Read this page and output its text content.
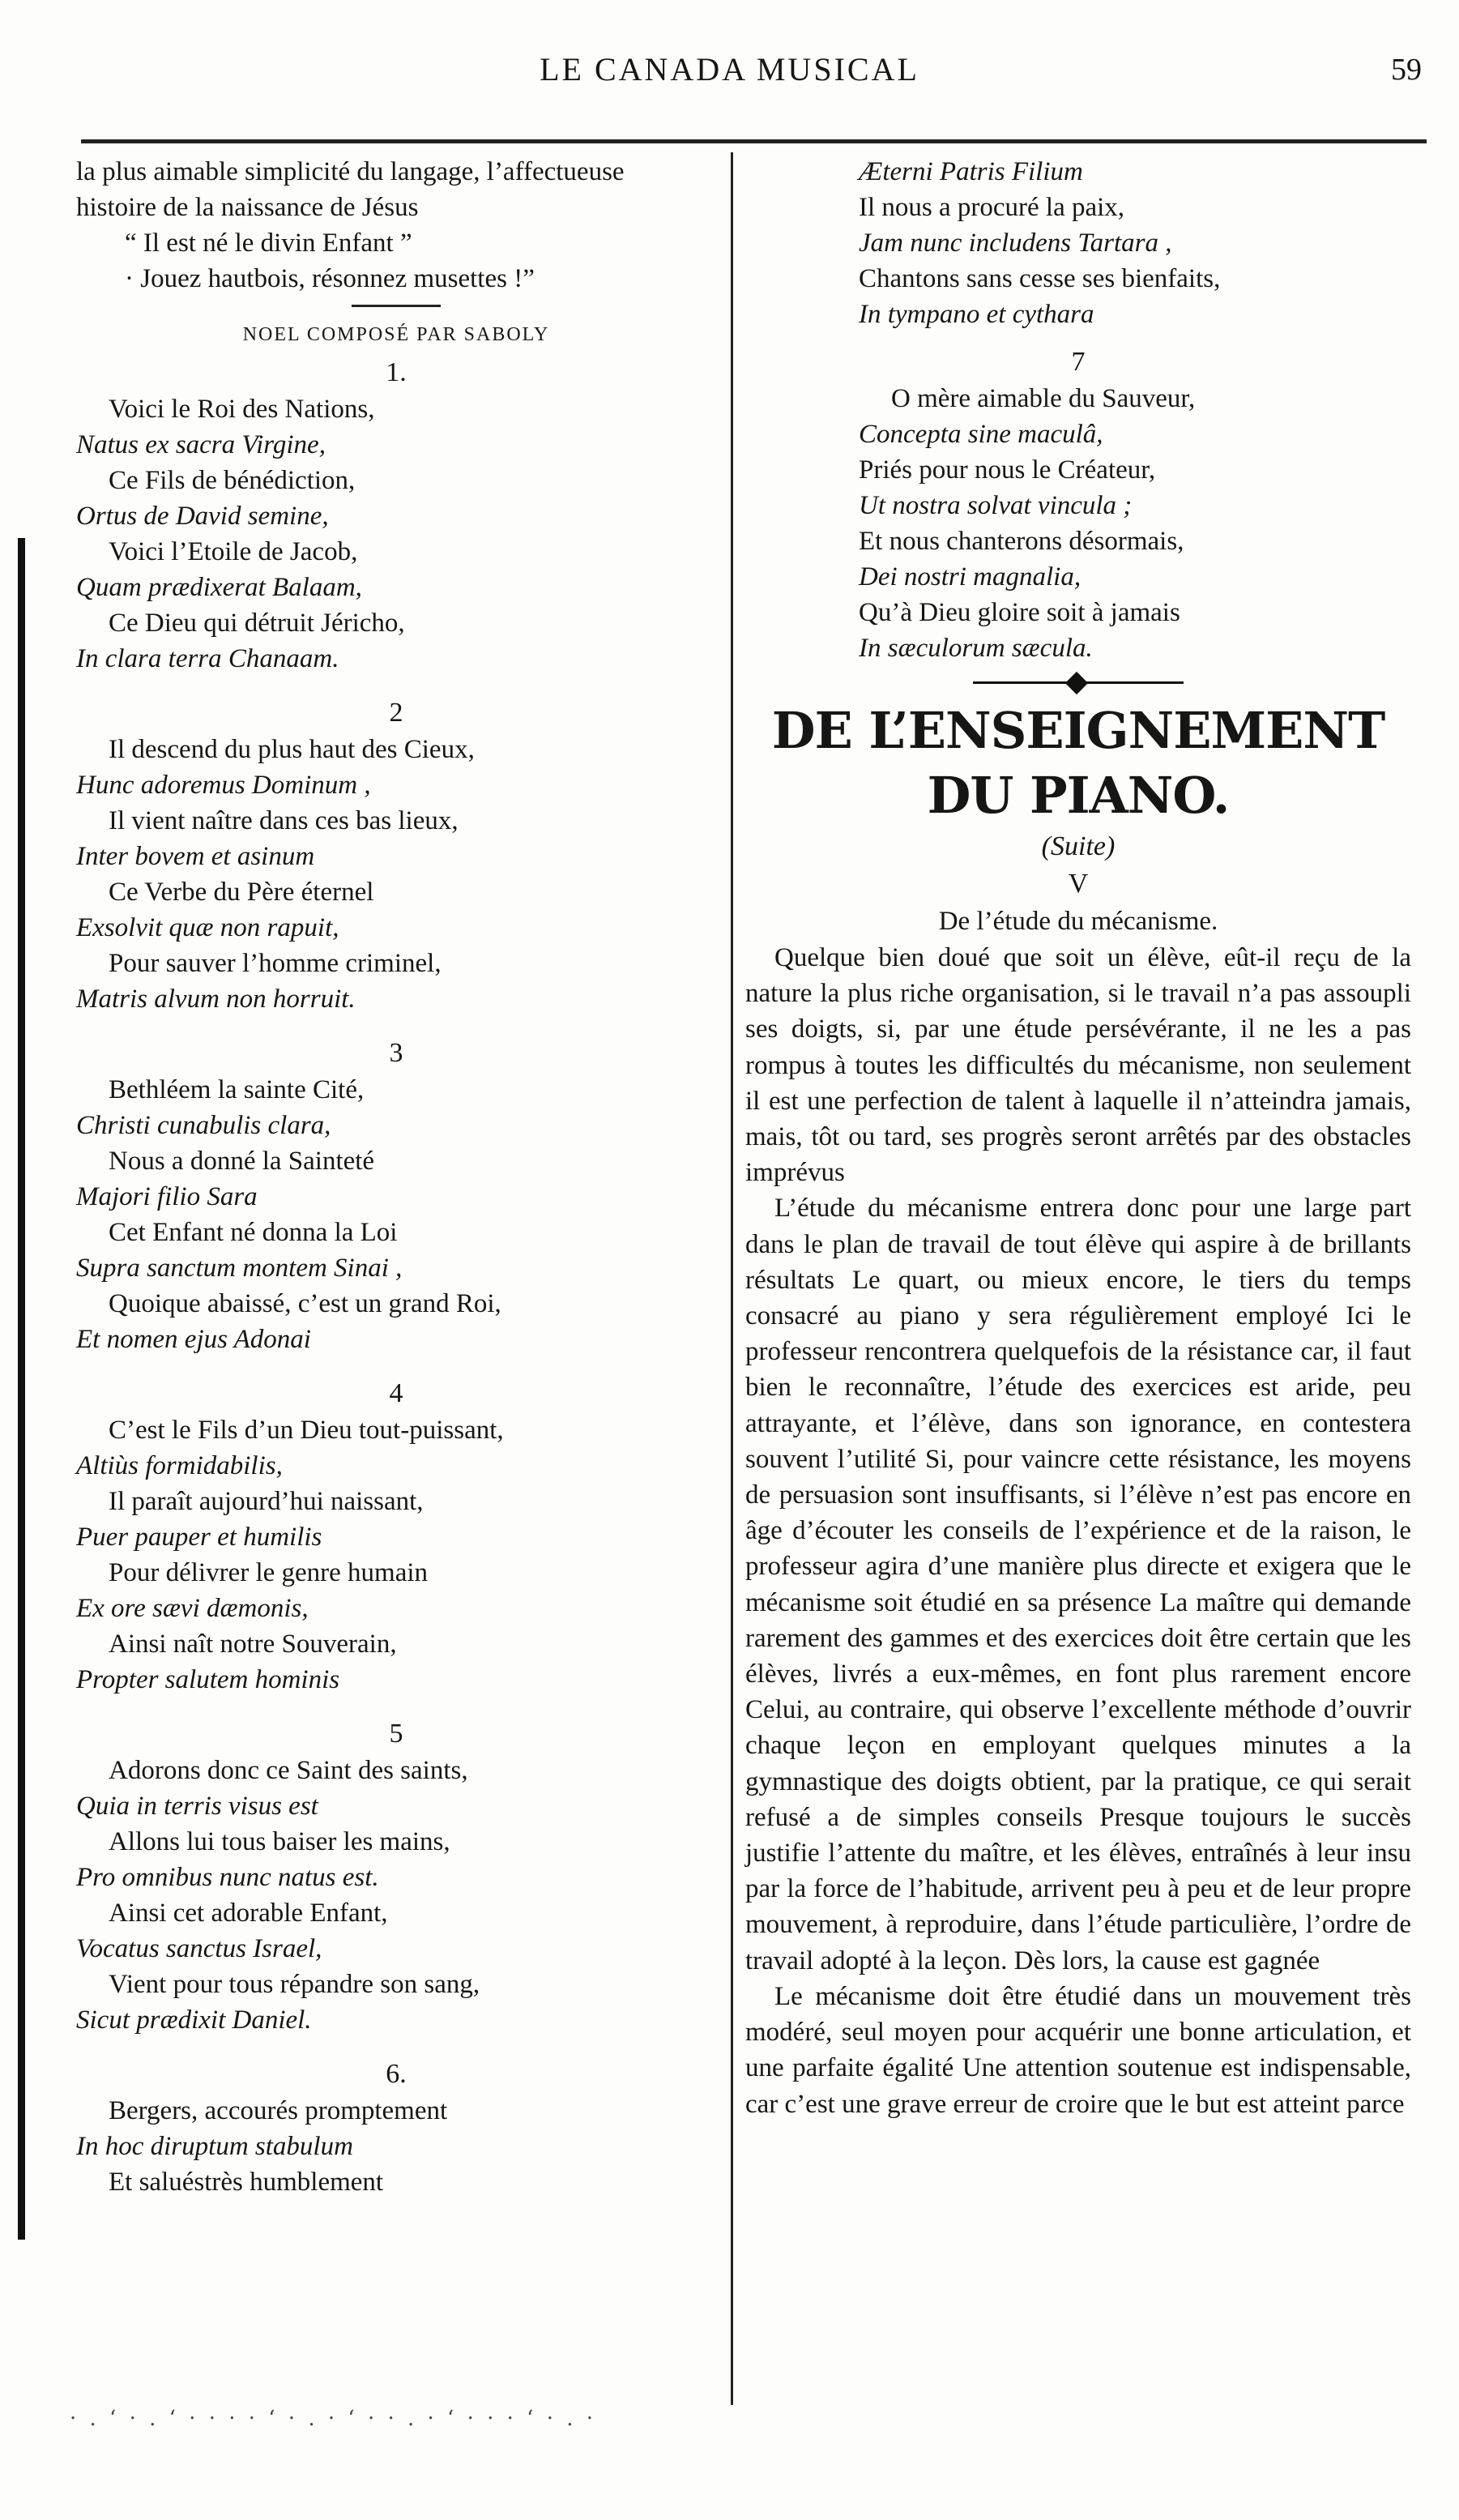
LE CANADA MUSICAL	59
la plus aimable simplicité du langage, l’affectueuse
histoire de la naissance de Jésus
“ Il est né le divin Enfant ”
· Jouez hautbois, résonnez musettes !”
NOEL COMPOSÉ PAR SABOLY
1.
Voici le Roi des Nations,
Natus ex sacra Virgine,
Ce Fils de bénédiction,
Ortus de David semine,
Voici l’Etoile de Jacob,
Quam prædixerat Balaam,
Ce Dieu qui détruit Jéricho,
In clara terra Chanaam.
2
Il descend du plus haut des Cieux,
Hunc adoremus Dominum ,
Il vient naître dans ces bas lieux,
Inter bovem et asinum
Ce Verbe du Père éternel
Exsolvit quæ non rapuit,
Pour sauver l’homme criminel,
Matris alvum non horruit.
3
Bethléem la sainte Cité,
Christi cunabulis clara,
Nous a donné la Sainteté
Majori filio Sara
Cet Enfant né donna la Loi
Supra sanctum montem Sinai ,
Quoique abaissé, c’est un grand Roi,
Et nomen ejus Adonai
4
C’est le Fils d’un Dieu tout-puissant,
Altiùs formidabilis,
Il paraît aujourd’hui naissant,
Puer pauper et humilis
Pour délivrer le genre humain
Ex ore sævi dæmonis,
Ainsi naît notre Souverain,
Propter salutem hominis
5
Adorons donc ce Saint des saints,
Quia in terris visus est
Allons lui tous baiser les mains,
Pro omnibus nunc natus est.
Ainsi cet adorable Enfant,
Vocatus sanctus Israel,
Vient pour tous répandre son sang,
Sicut prædixit Daniel.
6.
Bergers, accourés promptement
In hoc diruptum stabulum
Et saluéstrès humblement
Æterni Patris Filium
Il nous a procuré la paix,
Jam nunc includens Tartara ,
Chantons sans cesse ses bienfaits,
In tympano et cythara
7
O mère aimable du Sauveur,
Concepta sine maculâ,
Priés pour nous le Créateur,
Ut nostra solvat vincula ;
Et nous chanterons désormais,
Dei nostri magnalia,
Qu’à Dieu gloire soit à jamais
In sæculorum sæcula.
DE L’ENSEIGNEMENT DU PIANO.
(Suite)
V
De l’étude du mécanisme.

Quelque bien doué que soit un élève, eût-il reçu de la nature la plus riche organisation, si le travail n’a pas assoupli ses doigts, si, par une étude persévérante, il ne les a pas rompus à toutes les difficultés du mécanisme, non seulement il est une perfection de talent à laquelle il n’atteindra jamais, mais, tôt ou tard, ses progrès seront arrêtés par des obstacles imprévus

L’étude du mécanisme entrera donc pour une large part dans le plan de travail de tout élève qui aspire à de brillants résultats Le quart, ou mieux encore, le tiers du temps consacré au piano y sera régulièrement employé Ici le professeur rencontrera quelquefois de la résistance car, il faut bien le reconnaître, l’étude des exercices est aride, peu attrayante, et l’élève, dans son ignorance, en contestera souvent l’utilité Si, pour vaincre cette résistance, les moyens de persuasion sont insuffisants, si l’élève n’est pas encore en âge d’écouter les conseils de l’expérience et de la raison, le professeur agira d’une manière plus directe et exigera que le mécanisme soit étudié en sa présence La maître qui demande rarement des gammes et des exercices doit être certain que les élèves, livrés a eux-mêmes, en font plus rarement encore Celui, au contraire, qui observe l’excellente méthode d’ouvrir chaque leçon en employant quelques minutes a la gymnastique des doigts obtient, par la pratique, ce qui serait refusé a de simples conseils Presque toujours le succès justifie l’attente du maître, et les élèves, entraînés à leur insu par la force de l’habitude, arrivent peu à peu et de leur propre mouvement, à reproduire, dans l’étude particulière, l’ordre de travail adopté à la leçon. Dès lors, la cause est gagnée

Le mécanisme doit être étudié dans un mouvement très modéré, seul moyen pour acquérir une bonne articulation, et une parfaite égalité Une attention soutenue est indispensable, car c’est une grave erreur de croire que le but est atteint parce

· . ‘ · . ‘ · · · · ‘ · . · ‘ · · . · ‘ · · · ‘ · . ·
